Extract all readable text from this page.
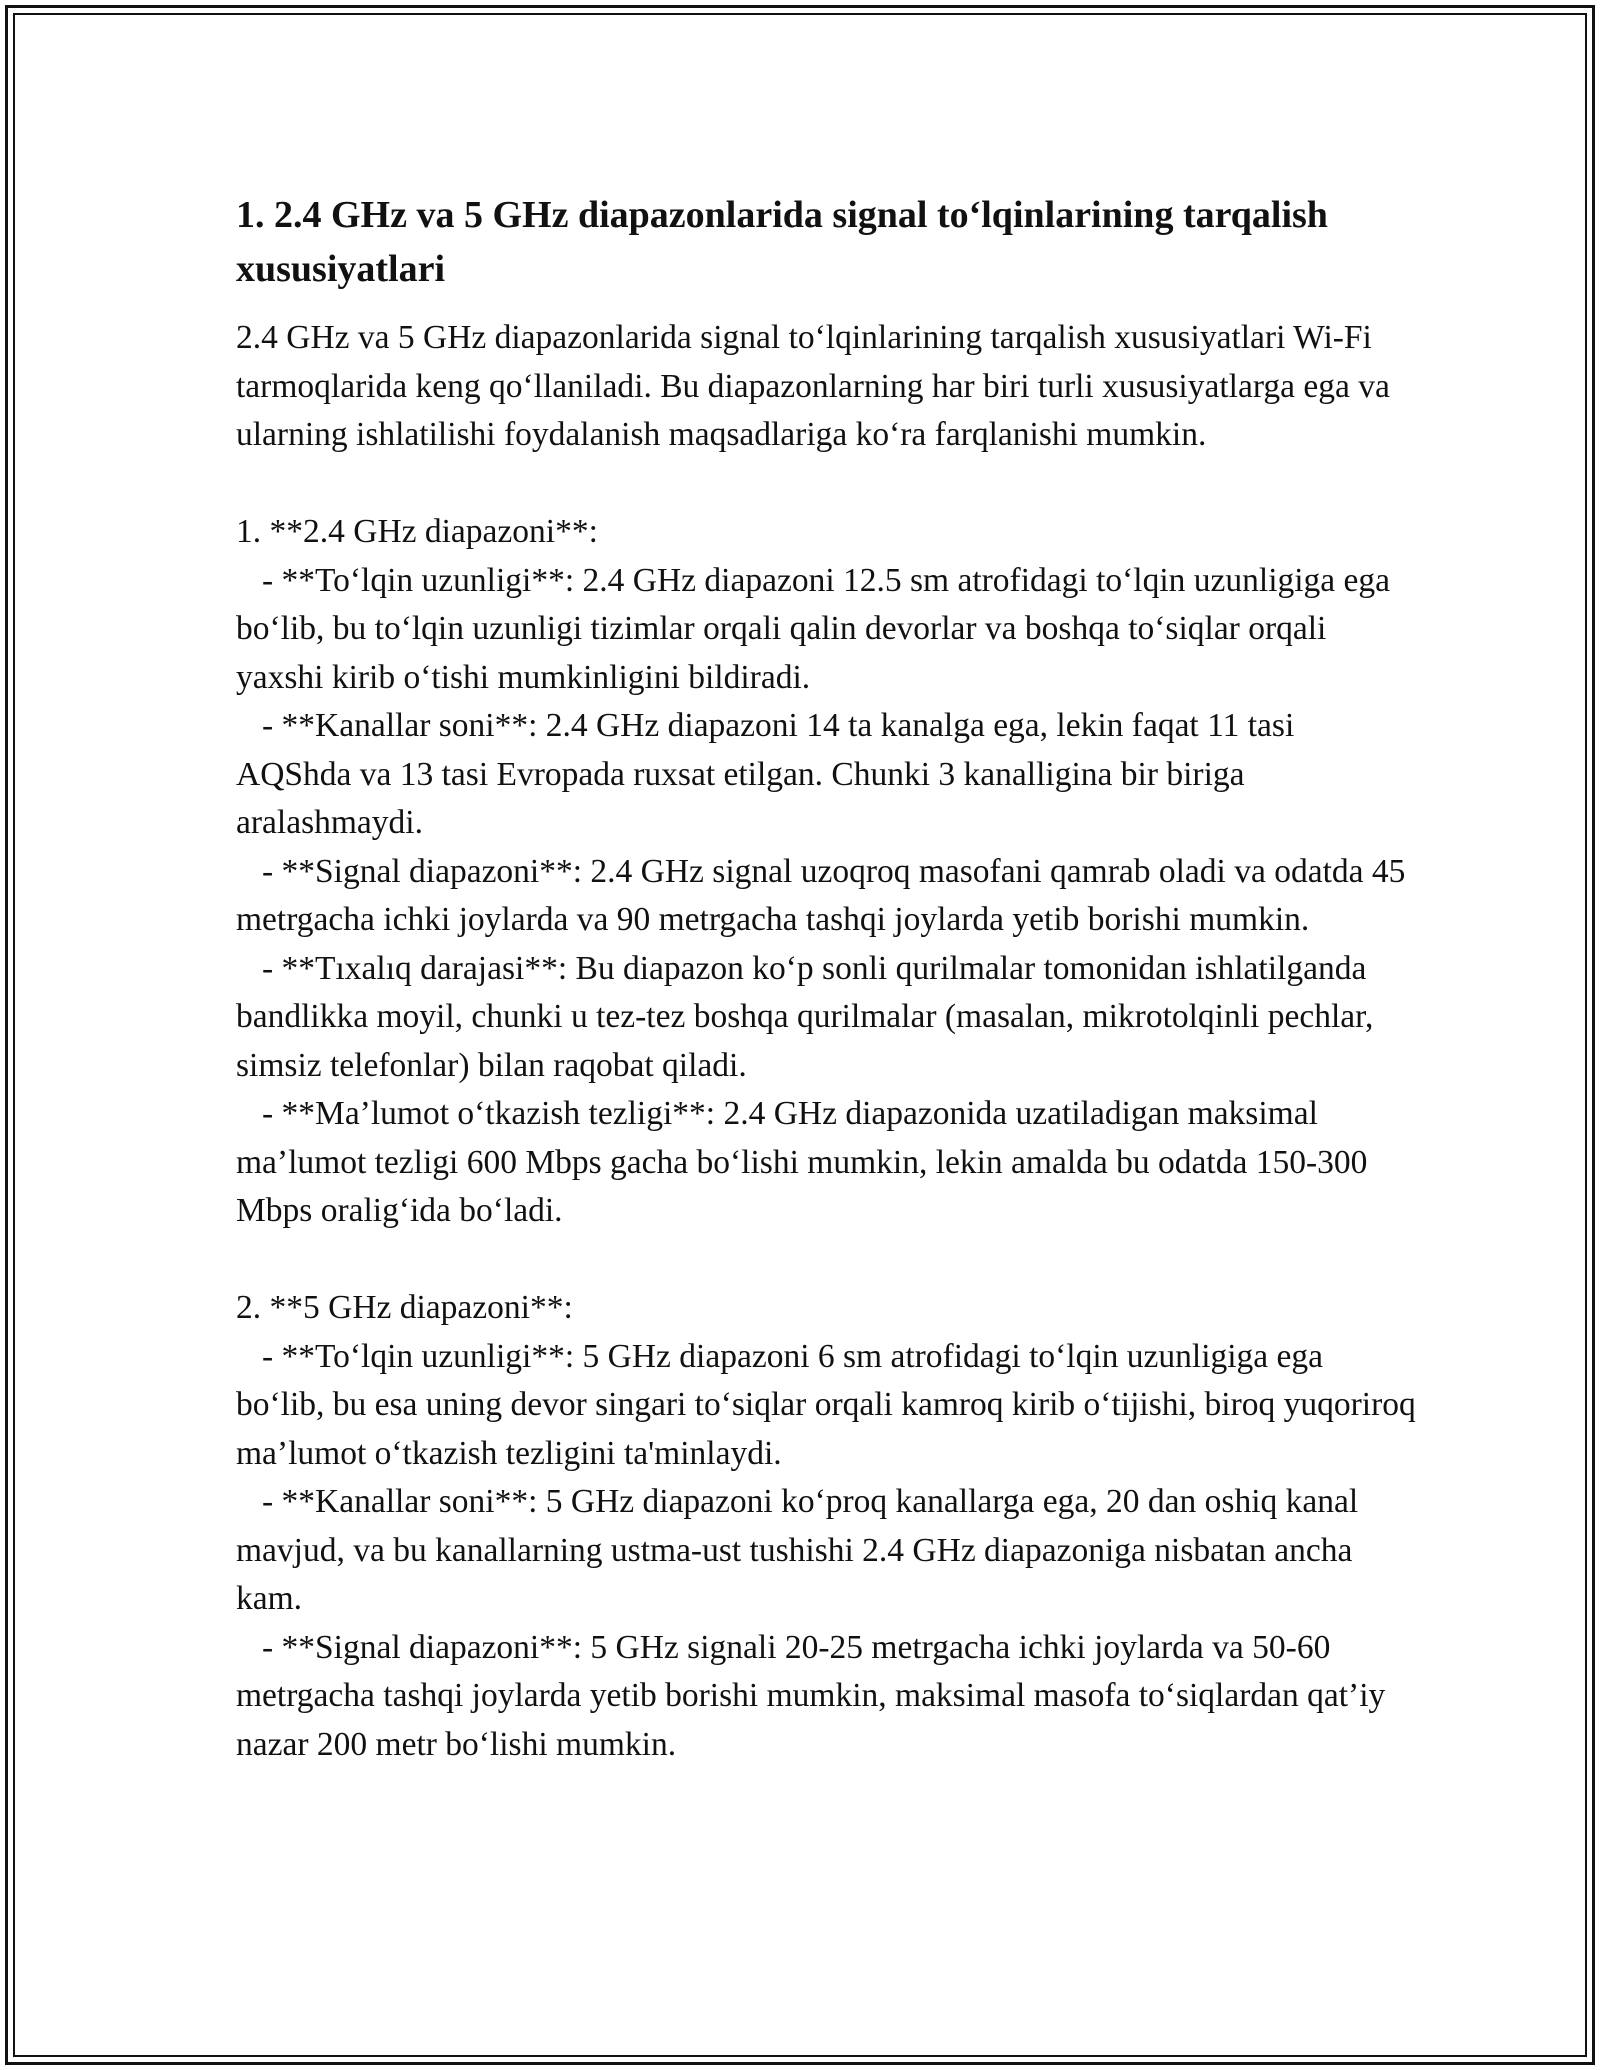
1. 2.4 GHz va 5 GHz diapazonlarida signal to‘lqinlarining tarqalish xususiyatlari

2.4 GHz va 5 GHz diapazonlarida signal to‘lqinlarining tarqalish xususiyatlari Wi-Fi tarmoqlarida keng qo‘llaniladi. Bu diapazonlarning har biri turli xususiyatlarga ega va ularning ishlatilishi foydalanish maqsadlariga ko‘ra farqlanishi mumkin.

1. **2.4 GHz diapazoni**:

- **To‘lqin uzunligi**: 2.4 GHz diapazoni 12.5 sm atrofidagi to‘lqin uzunligiga ega bo‘lib, bu to‘lqin uzunligi tizimlar orqali qalin devorlar va boshqa to‘siqlar orqali yaxshi kirib o‘tishi mumkinligini bildiradi.

- **Kanallar soni**: 2.4 GHz diapazoni 14 ta kanalga ega, lekin faqat 11 tasi AQShda va 13 tasi Evropada ruxsat etilgan. Chunki 3 kanalligina bir biriga aralashmaydi.

- **Signal diapazoni**: 2.4 GHz signal uzoqroq masofani qamrab oladi va odatda 45 metrgacha ichki joylarda va 90 metrgacha tashqi joylarda yetib borishi mumkin.

- **Tıxalıq darajasi**: Bu diapazon ko‘p sonli qurilmalar tomonidan ishlatilganda bandlikka moyil, chunki u tez-tez boshqa qurilmalar (masalan, mikrotolqinli pechlar, simsiz telefonlar) bilan raqobat qiladi.

- **Ma’lumot o‘tkazish tezligi**: 2.4 GHz diapazonida uzatiladigan maksimal ma’lumot tezligi 600 Mbps gacha bo‘lishi mumkin, lekin amalda bu odatda 150-300 Mbps oralig‘ida bo‘ladi.

2. **5 GHz diapazoni**:

- **To‘lqin uzunligi**: 5 GHz diapazoni 6 sm atrofidagi to‘lqin uzunligiga ega bo‘lib, bu esa uning devor singari to‘siqlar orqali kamroq kirib o‘tijishi, biroq yuqoriroq ma’lumot o‘tkazish tezligini ta'minlaydi.

- **Kanallar soni**: 5 GHz diapazoni ko‘proq kanallarga ega, 20 dan oshiq kanal mavjud, va bu kanallarning ustma-ust tushishi 2.4 GHz diapazoniga nisbatan ancha kam.

- **Signal diapazoni**: 5 GHz signali 20-25 metrgacha ichki joylarda va 50-60 metrgacha tashqi joylarda yetib borishi mumkin, maksimal masofa to‘siqlardan qat’iy nazar 200 metr bo‘lishi mumkin.
